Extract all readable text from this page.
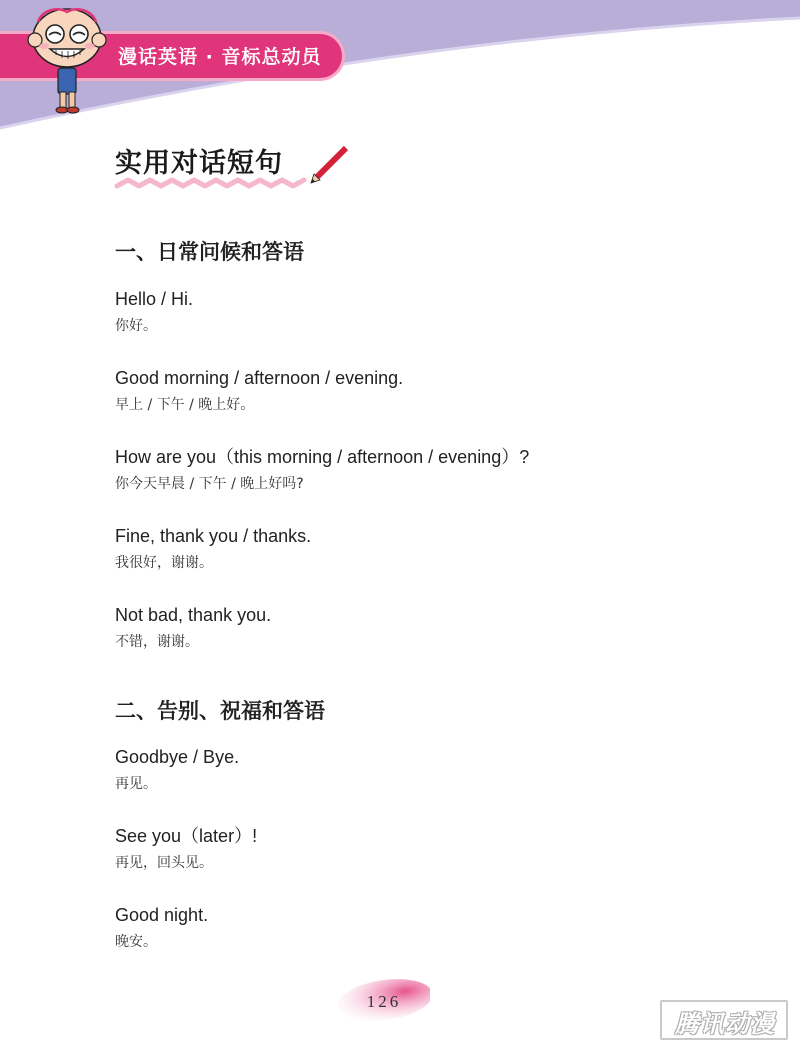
漫话英语 · 音标总动员
实用对话短句
一、日常问候和答语
Hello / Hi.
你好。
Good morning / afternoon / evening.
早上 / 下午 / 晚上好。
How are you（this morning / afternoon / evening）?
你今天早晨 / 下午 / 晚上好吗?
Fine, thank you / thanks.
我很好，谢谢。
Not bad, thank you.
不错，谢谢。
二、告别、祝福和答语
Goodbye / Bye.
再见。
See you（later）!
再见，回头见。
Good night.
晚安。
126
腾讯动漫
